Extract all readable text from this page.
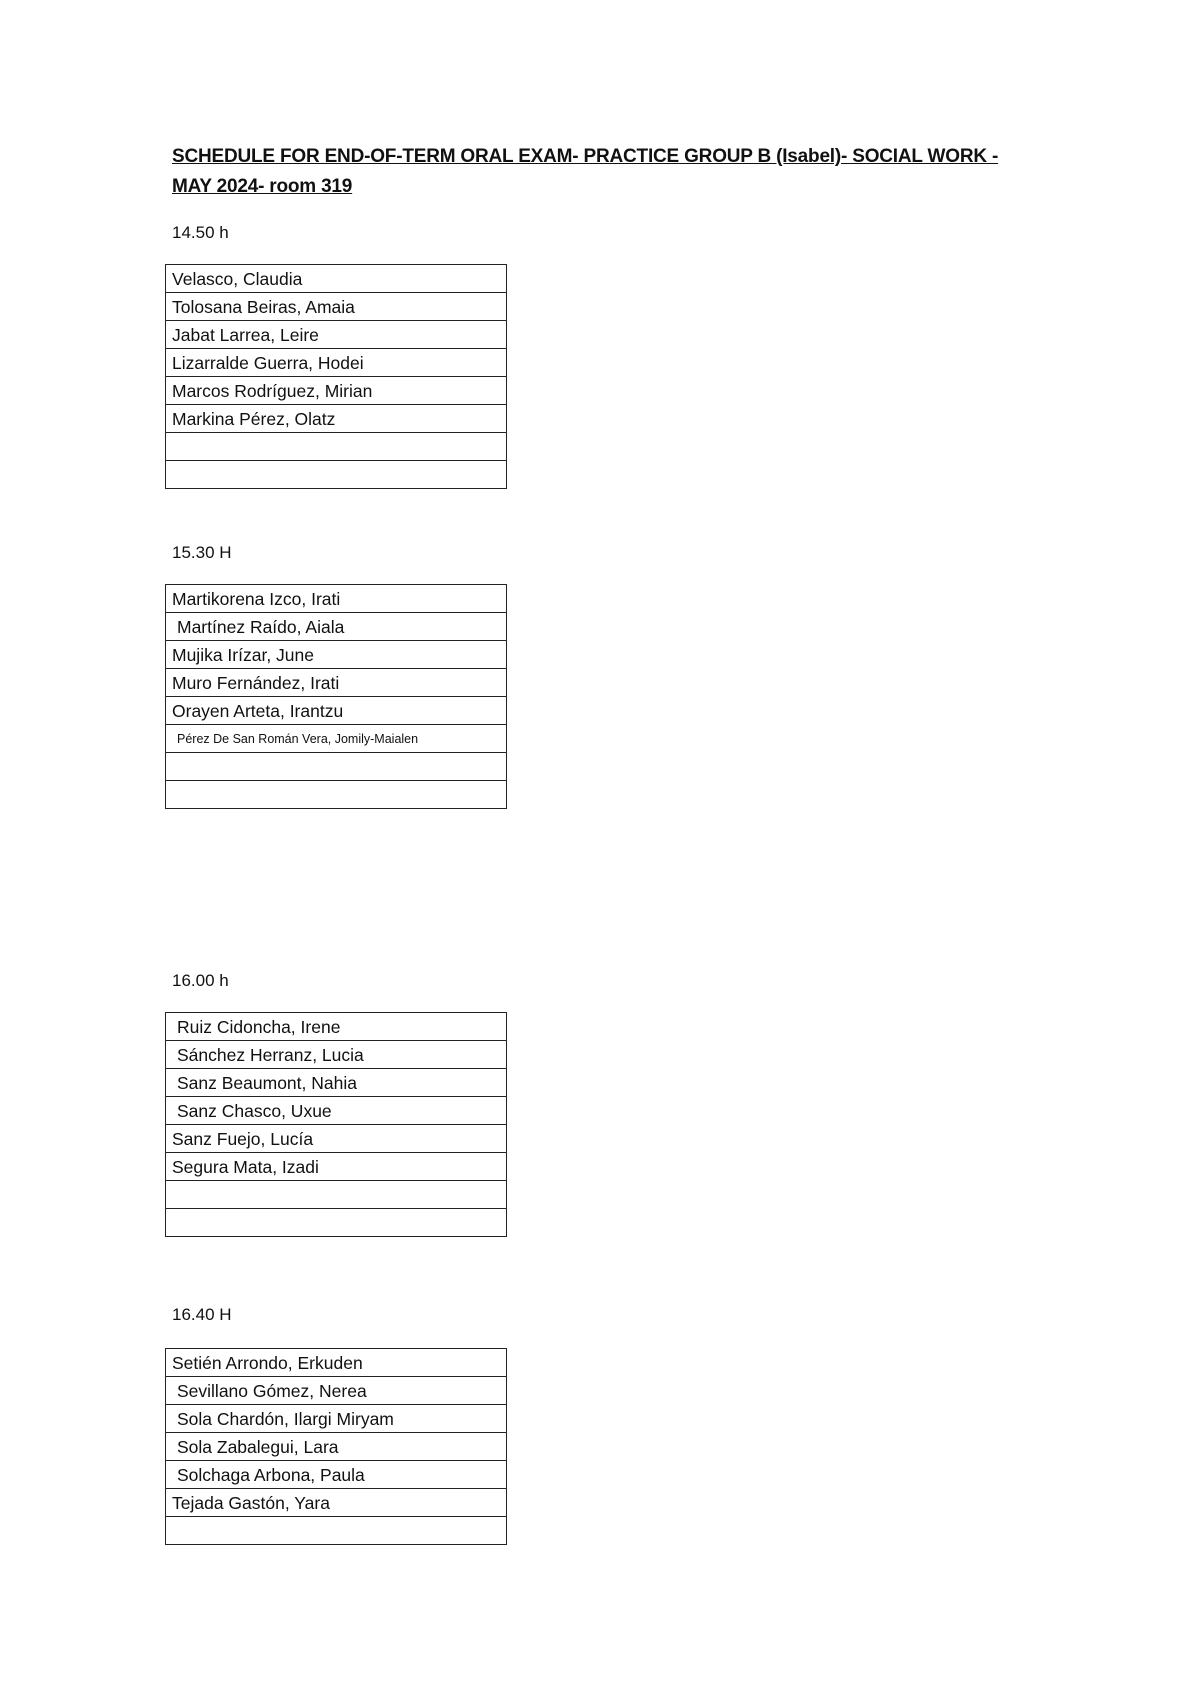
SCHEDULE FOR END-OF-TERM ORAL EXAM- PRACTICE GROUP B (Isabel)- SOCIAL WORK - MAY 2024- room 319
14.50 h
Velasco, Claudia
Tolosana Beiras, Amaia
Jabat Larrea, Leire
Lizarralde Guerra, Hodei
Marcos Rodríguez, Mirian
Markina Pérez, Olatz

15.30 H
Martikorena Izco, Irati
Martínez Raído, Aiala
Mujika Irízar, June
Muro Fernández, Irati
Orayen Arteta, Irantzu
Pérez De San Román Vera, Jomily-Maialen

16.00 h
Ruiz Cidoncha, Irene
Sánchez Herranz, Lucia
Sanz Beaumont, Nahia
Sanz Chasco, Uxue
Sanz Fuejo, Lucía
Segura Mata, Izadi

16.40 H
Setién Arrondo, Erkuden
Sevillano Gómez, Nerea
Sola Chardón, Ilargi Miryam
Sola Zabalegui, Lara
Solchaga Arbona, Paula
Tejada Gastón, Yara
